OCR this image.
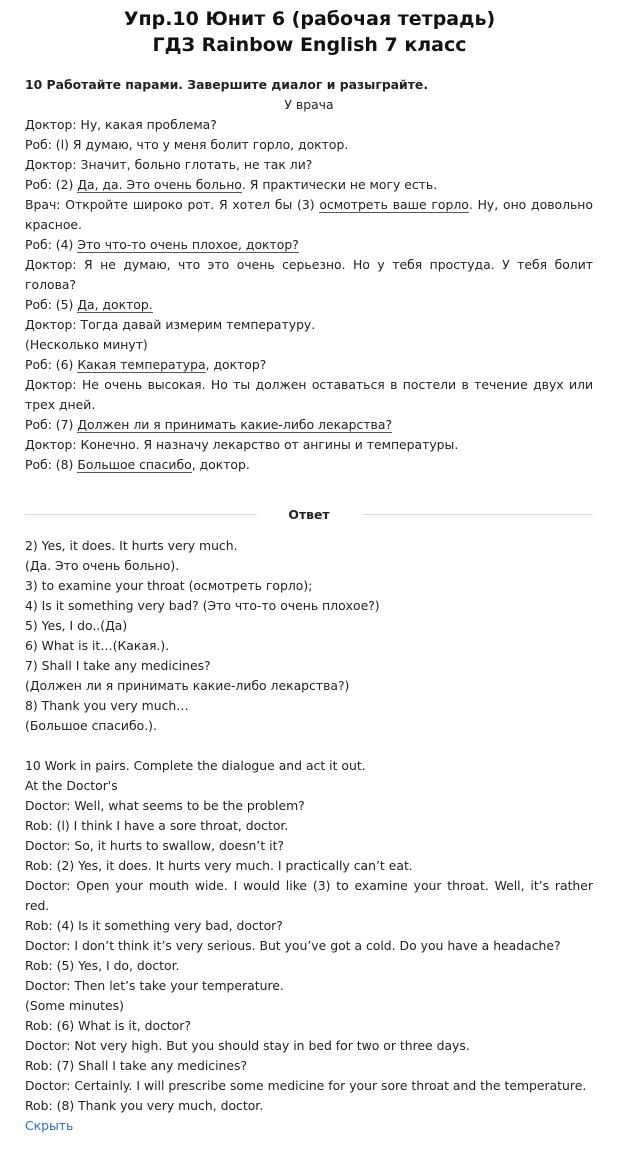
Упр.10 Юнит 6 (рабочая тетрадь)
ГДЗ Rainbow English 7 класс
10 Работайте парами. Завершите диалог и разыграйте.
У врача
Доктор: Ну, какая проблема?
Роб: (l) Я думаю, что у меня болит горло, доктор.
Доктор: Значит, больно глотать, не так ли?
Роб: (2) Да, да. Это очень больно. Я практически не могу есть.
Врач: Откройте широко рот. Я хотел бы (3) осмотреть ваше горло. Ну, оно довольно красное.
Роб: (4) Это что-то очень плохое, доктор?
Доктор: Я не думаю, что это очень серьезно. Но у тебя простуда. У тебя болит голова?
Роб: (5) Да, доктор.
Доктор: Тогда давай измерим температуру.
(Несколько минут)
Роб: (6) Какая температура, доктор?
Доктор: Не очень высокая. Но ты должен оставаться в постели в течение двух или трех дней.
Роб: (7) Должен ли я принимать какие-либо лекарства?
Доктор: Конечно. Я назначу лекарство от ангины и температуры.
Роб: (8) Большое спасибо, доктор.
Ответ
2) Yes, it does. It hurts very much.
(Да. Это очень больно).
3) to examine your throat (осмотреть горло);
4) Is it something very bad? (Это что-то очень плохое?)
5) Yes, I do..(Да)
6) What is it…(Какая.).
7) Shall I take any medicines?
(Должен ли я принимать какие-либо лекарства?)
8) Thank you very much…
(Большое спасибо.).
10 Work in pairs. Complete the dialogue and act it out.
At the Doctor's
Doctor: Well, what seems to be the problem?
Rob: (l) I think I have a sore throat, doctor.
Doctor: So, it hurts to swallow, doesn’t it?
Rob: (2) Yes, it does. It hurts very much. I practically can’t eat.
Doctor: Open your mouth wide. I would like (3) to examine your throat. Well, it’s rather red.
Rob: (4) Is it something very bad, doctor?
Doctor: I don’t think it’s very serious. But you’ve got a cold. Do you have a headache?
Rob: (5) Yes, I do, doctor.
Doctor: Then let’s take your temperature.
(Some minutes)
Rob: (6) What is it, doctor?
Doctor: Not very high. But you should stay in bed for two or three days.
Rob: (7) Shall I take any medicines?
Doctor: Certainly. I will prescribe some medicine for your sore throat and the temperature.
Rob: (8) Thank you very much, doctor.
Скрыть
